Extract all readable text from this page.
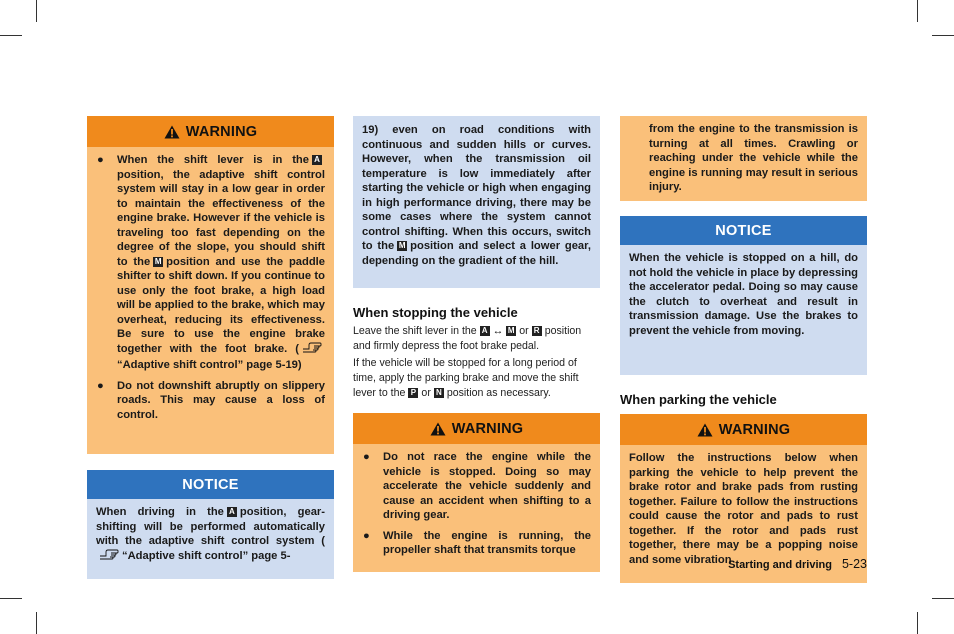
WARNING
●	When the shift lever is in the Aposition, the adaptive shift control system will stay in a low gear in order to maintain the effectiveness of the engine brake. However if the vehicle is traveling too fast depending on the degree of the slope, you should shift to the M position and use the paddle shifter to shift down. If you continue to use only the foot brake, a high load will be applied to the brake, which may overheat, reducing its effectiveness. Be sure to use the engine brake together with the foot brake. (“Adaptive shift control” page 5-19)
●	Do not downshift abruptly on slippery roads. This may cause a loss of control.
NOTICE
When driving in the A position, gear-shifting will be performed automatically with the adaptive shift control system (“Adaptive shift control” page 5-
19) even on road conditions with continuous and sudden hills or curves. However, when the transmission oil temperature is low immediately after starting the vehicle or high when engaging in high performance driving, there may be some cases where the system cannot control shifting. When this occurs, switch to the M position and select a lower gear, depending on the gradient of the hill.
When stopping the vehicle
Leave the shift lever in the A ↔ M or R position and firmly depress the foot brake pedal.
If the vehicle will be stopped for a long period of time, apply the parking brake and move the shift lever to the P or N position as necessary.
WARNING
●	Do not race the engine while the vehicle is stopped. Doing so may accelerate the vehicle suddenly and cause an accident when shifting to a driving gear.
●	While the engine is running, the propeller shaft that transmits torque
from the engine to the transmission is turning at all times. Crawling or reaching under the vehicle while the engine is running may result in serious injury.
NOTICE
When the vehicle is stopped on a hill, do not hold the vehicle in place by depressing the accelerator pedal. Doing so may cause the clutch to overheat and result in transmission damage. Use the brakes to prevent the vehicle from moving.
When parking the vehicle
WARNING
Follow the instructions below when parking the vehicle to help prevent the brake rotor and brake pads from rusting together. Failure to follow the instructions could cause the rotor and pads to rust together. If the rotor and pads rust together, there may be a popping noise and some vibration
Starting and driving 5-23
